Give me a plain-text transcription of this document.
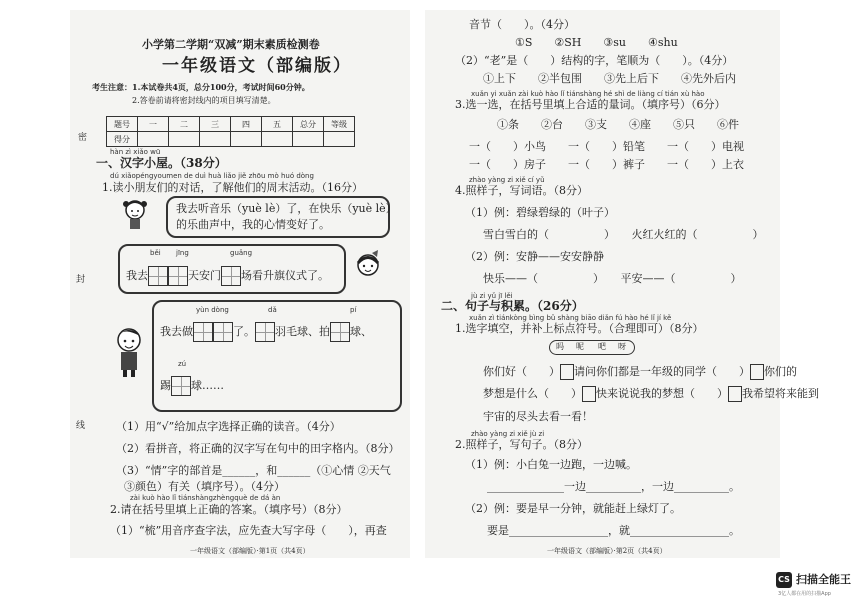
小学第二学期“双减”期末素质检测卷
一年级语文（部编版）
考生注意：1.本试卷共4页，总分100分，考试时间60分钟。
2.答卷前请将密封线内的项目填写清楚。
题号	一	二	三	四	五	总分	等级
得分							
密
封
线
hàn zì xiǎo wū
一、汉字小屋。（38分）
dú xiǎopéngyoumen de duì huà liǎo jiě zhōu mò huó dòng
1.读小朋友们的对话，了解他们的周末活动。（16分）
我去听音乐（yuè lè）了，在快乐（yuè lè）
的乐曲声中，我的心情变好了。
běi jīng	guǎng
我去	天安门 场看升旗仪式了。
yùn dòng	dǎ	pí
我去做	了。 羽毛球、拍 球、
zú
踢 球……
（1）用“√”给加点字选择正确的读音。（4分）
（2）看拼音，将正确的汉字写在句中的田字格内。（8分）
（3）“情”字的部首是______，和______（①心情 ②天气
③颜色）有关（填序号）。（4分）
zài kuò hào lǐ tiánshàngzhèngquè de dá àn
2.请在括号里填上正确的答案。（填序号）（8分）
（1）“梳”用音序查字法，应先查大写字母（　　），再查
一年级语文（部编版）·第1页（共4页）
音节（　　）。（4分）
①S　　②SH　　③su　　④shu
（2）“老”是（　　）结构的字，笔顺为（　　）。（4分）
①上下　　②半包围　　③先上后下　　④先外后内
xuǎn yi xuǎn zài kuò hào lǐ tiánshàng hé shì de liàng cí tián xù hào
3.选一选，在括号里填上合适的量词。（填序号）（6分）
①条　　②台　　③支　　④座　　⑤只　　⑥件
一（　　）小鸟　　一（　　）铅笔　　一（　　）电视
一（　　）房子　　一（　　）裤子　　一（　　）上衣
zhào yàng zi xiě cí yǔ
4.照样子，写词语。（8分）
（1）例：碧绿碧绿的（叶子）
雪白雪白的（　　　　　）　　火红火红的（　　　　　）
（2）例：安静——安安静静
快乐——（　　　　　）　　平安——（　　　　　）
jù zi yǔ jī lěi
二、句子与积累。（26分）
xuǎn zì tiánkòng bìng bǔ shàng biāo diǎn fú hào hé lǐ jí kě
1.选字填空，并补上标点符号。（合理即可）（8分）
吗 呢 吧 呀
你们好（　　） 请问你们都是一年级的同学（　　） 你们的
梦想是什么（　　） 快来说说我的梦想（　　） 我希望将来能到
宇宙的尽头去看一看！
zhào yàng zi xiě jù zi
2.照样子，写句子。（8分）
（1）例：小白兔一边跑，一边喊。
______________一边__________，一边__________。
（2）例：要是早一分钟，就能赶上绿灯了。
要是__________________，就__________________。
一年级语文（部编版）·第2页（共4页）
CS 扫描全能王
3亿人都在用的扫描App
